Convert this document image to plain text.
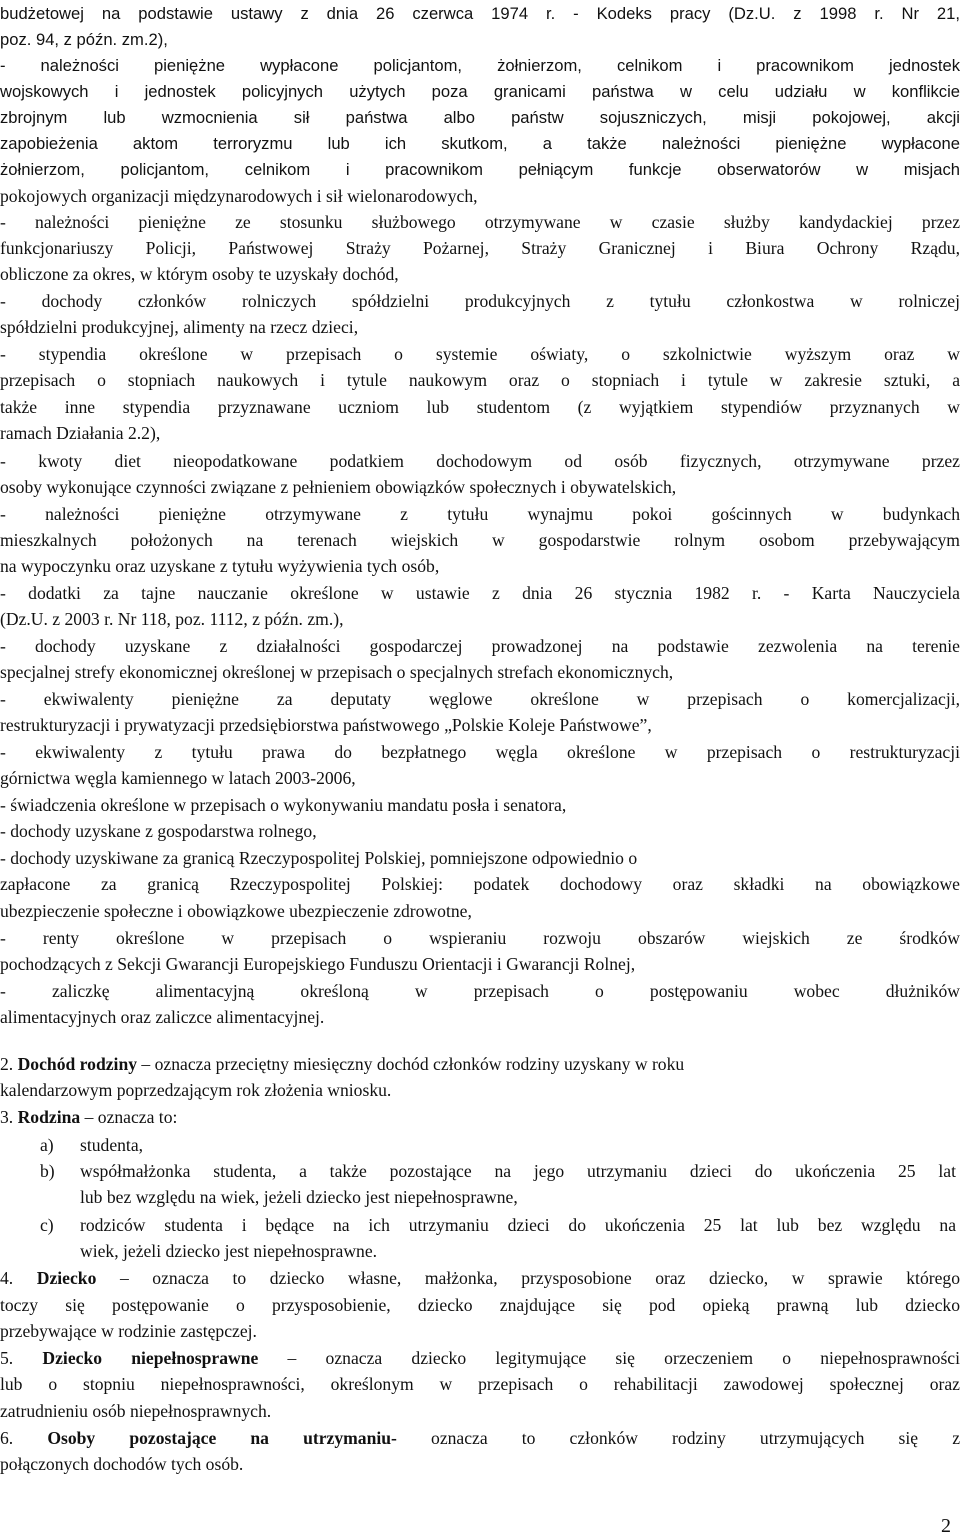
budżetowej na podstawie ustawy z dnia 26 czerwca 1974 r. - Kodeks pracy (Dz.U. z 1998 r. Nr 21,
poz. 94, z późn. zm.2),
- należności pieniężne wypłacone policjantom, żołnierzom, celnikom i pracownikom jednostek
wojskowych i jednostek policyjnych użytych poza granicami państwa w celu udziału w konflikcie
zbrojnym lub wzmocnienia sił państwa albo państw sojuszniczych, misji pokojowej, akcji
zapobieżenia aktom terroryzmu lub ich skutkom, a także należności pieniężne wypłacone
żołnierzom, policjantom, celnikom i pracownikom pełniącym funkcje obserwatorów w misjach
pokojowych organizacji międzynarodowych i sił wielonarodowych,
- należności pieniężne ze stosunku służbowego otrzymywane w czasie służby kandydackiej przez
funkcjonariuszy Policji, Państwowej Straży Pożarnej, Straży Granicznej i Biura Ochrony Rządu,
obliczone za okres, w którym osoby te uzyskały dochód,
- dochody członków rolniczych spółdzielni produkcyjnych z tytułu członkostwa w rolniczej
spółdzielni produkcyjnej, alimenty na rzecz dzieci,
- stypendia określone w przepisach o systemie oświaty, o szkolnictwie wyższym oraz w
przepisach o stopniach naukowych i tytule naukowym oraz o stopniach i tytule w zakresie sztuki, a
także inne stypendia przyznawane uczniom lub studentom (z wyjątkiem stypendiów przyznanych w
ramach Działania 2.2),
- kwoty diet nieopodatkowane podatkiem dochodowym od osób fizycznych, otrzymywane przez
osoby wykonujące czynności związane z pełnieniem obowiązków społecznych i obywatelskich,
- należności pieniężne otrzymywane z tytułu wynajmu pokoi gościnnych w budynkach
mieszkalnych położonych na terenach wiejskich w gospodarstwie rolnym osobom przebywającym
na wypoczynku oraz uzyskane z tytułu wyżywienia tych osób,
- dodatki za tajne nauczanie określone w ustawie z dnia 26 stycznia 1982 r. - Karta Nauczyciela
(Dz.U. z 2003 r. Nr 118, poz. 1112, z późn. zm.),
- dochody uzyskane z działalności gospodarczej prowadzonej na podstawie zezwolenia na terenie
specjalnej strefy ekonomicznej określonej w przepisach o specjalnych strefach ekonomicznych,
- ekwiwalenty pieniężne za deputaty węglowe określone w przepisach o komercjalizacji,
restrukturyzacji i prywatyzacji przedsiębiorstwa państwowego „Polskie Koleje Państwowe”,
- ekwiwalenty z tytułu prawa do bezpłatnego węgla określone w przepisach o restrukturyzacji
górnictwa węgla kamiennego w latach 2003-2006,
- świadczenia określone w przepisach o wykonywaniu mandatu posła i senatora,
- dochody uzyskane z gospodarstwa rolnego,
- dochody uzyskiwane za granicą Rzeczypospolitej Polskiej, pomniejszone odpowiednio o
zapłacone za granicą Rzeczypospolitej Polskiej: podatek dochodowy oraz składki na obowiązkowe
ubezpieczenie społeczne i obowiązkowe ubezpieczenie zdrowotne,
- renty określone w przepisach o wspieraniu rozwoju obszarów wiejskich ze środków
pochodzących z Sekcji Gwarancji Europejskiego Funduszu Orientacji i Gwarancji Rolnej,
- zaliczkę alimentacyjną określoną w przepisach o postępowaniu wobec dłużników
alimentacyjnych oraz zaliczce alimentacyjnej.
2. Dochód rodziny – oznacza przeciętny miesięczny dochód członków rodziny uzyskany w roku
kalendarzowym poprzedzającym rok złożenia wniosku.
3. Rodzina – oznacza to:
a) studenta,
b) współmałżonka studenta, a także pozostające na jego utrzymaniu dzieci do ukończenia 25 lat
lub bez względu na wiek, jeżeli dziecko jest niepełnosprawne,
c) rodziców studenta i będące na ich utrzymaniu dzieci do ukończenia 25 lat lub bez względu na
wiek, jeżeli dziecko jest niepełnosprawne.
4. Dziecko – oznacza to dziecko własne, małżonka, przysposobione oraz dziecko, w sprawie którego
toczy się postępowanie o przysposobienie, dziecko znajdujące się pod opieką prawną lub dziecko
przebywające w rodzinie zastępczej.
5. Dziecko niepełnosprawne – oznacza dziecko legitymujące się orzeczeniem o niepełnosprawności
lub o stopniu niepełnosprawności, określonym w przepisach o rehabilitacji zawodowej społecznej oraz
zatrudnieniu osób niepełnosprawnych.
6. Osoby pozostające na utrzymaniu- oznacza to członków rodziny utrzymujących się z
połączonych dochodów tych osób.
2
